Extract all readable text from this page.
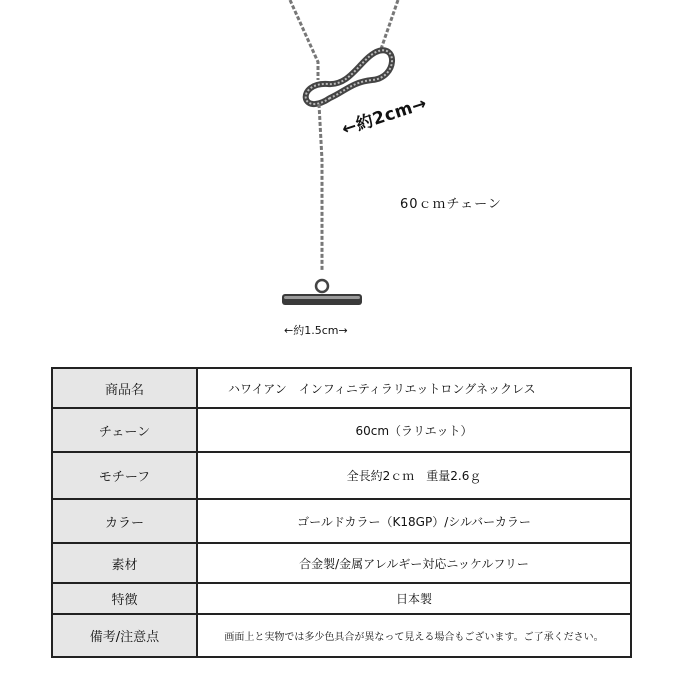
←約2cm→
60ｃｍチェーン
←約1.5cm→
商品名	ハワイアン　インフィニティラリエットロングネックレス
チェーン	60cm（ラリエット）
モチーフ	全長約2ｃｍ　重量2.6ｇ
カラー	ゴールドカラー（K18GP）/シルバーカラー
素材	合金製/金属アレルギー対応ニッケルフリー
特徴	日本製
備考/注意点	画面上と実物では多少色具合が異なって見える場合もございます。ご了承ください。
